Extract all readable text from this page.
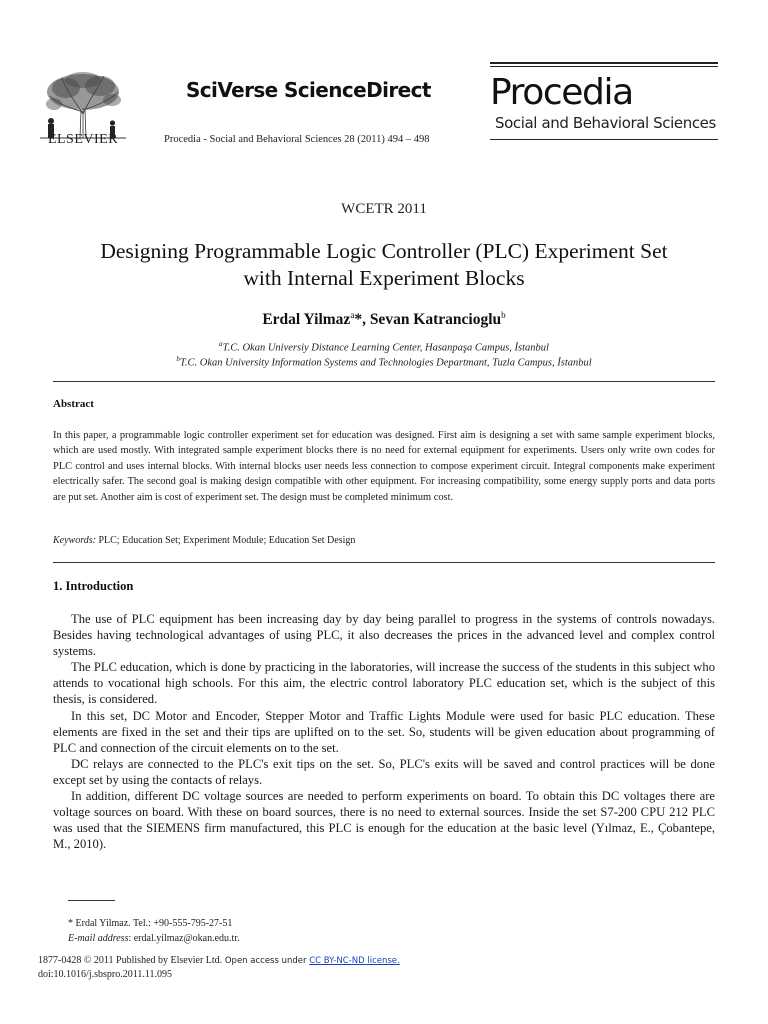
ELSEVIER
SciVerse ScienceDirect
Procedia - Social and Behavioral Sciences 28 (2011) 494 – 498
Procedia
Social and Behavioral Sciences
WCETR 2011
Designing Programmable Logic Controller (PLC) Experiment Set
with Internal Experiment Blocks
Erdal Yilmaz$^a$*, Sevan Katrancioglu$^b$
$^a$T.C. Okan Universiy Distance Learning Center, Hasanpaşa Campus, İstanbul
$^b$T.C. Okan University Information Systems and Technologies Departmant, Tuzla Campus, İstanbul
Abstract
In this paper, a programmable logic controller experiment set for education was designed. First aim is designing a set with same sample experiment blocks, which are used mostly. With integrated sample experiment blocks there is no need for external equipment for experiments. Users only write own codes for PLC control and uses internal blocks. With internal blocks user needs less connection to compose experiment circuit. Integral components make experiment electrically safer. The second goal is making design compatible with other equipment. For increasing compatibility, some energy supply ports and data ports are put set. Another aim is cost of experiment set. The design must be completed minimum cost.
Keywords: PLC; Education Set; Experiment Module; Education Set Design
1. Introduction

The use of PLC equipment has been increasing day by day being parallel to progress in the systems of controls nowadays. Besides having technological advantages of using PLC, it also decreases the prices in the advanced level and complex control systems.

The PLC education, which is done by practicing in the laboratories, will increase the success of the students in this subject who attends to vocational high schools. For this aim, the electric control laboratory PLC education set, which is the subject of this thesis, is considered.

In this set, DC Motor and Encoder, Stepper Motor and Traffic Lights Module were used for basic PLC education. These elements are fixed in the set and their tips are uplifted on to the set. So, students will be given education about programming of PLC and connection of the circuit elements on to the set.

DC relays are connected to the PLC's exit tips on the set. So, PLC's exits will be saved and control practices will be done except set by using the contacts of relays.

In addition, different DC voltage sources are needed to perform experiments on board. To obtain this DC voltages there are voltage sources on board. With these on board sources, there is no need to external sources. Inside the set S7-200 CPU 212 PLC was used that the SIEMENS firm manufactured, this PLC is enough for the education at the basic level (Yılmaz, E., Çobantepe, M., 2010).

* Erdal Yilmaz. Tel.: +90-555-795-27-51
E-mail address: erdal.yilmaz@okan.edu.tr.
1877-0428 © 2011 Published by Elsevier Ltd. Open access under CC BY-NC-ND license.
doi:10.1016/j.sbspro.2011.11.095
